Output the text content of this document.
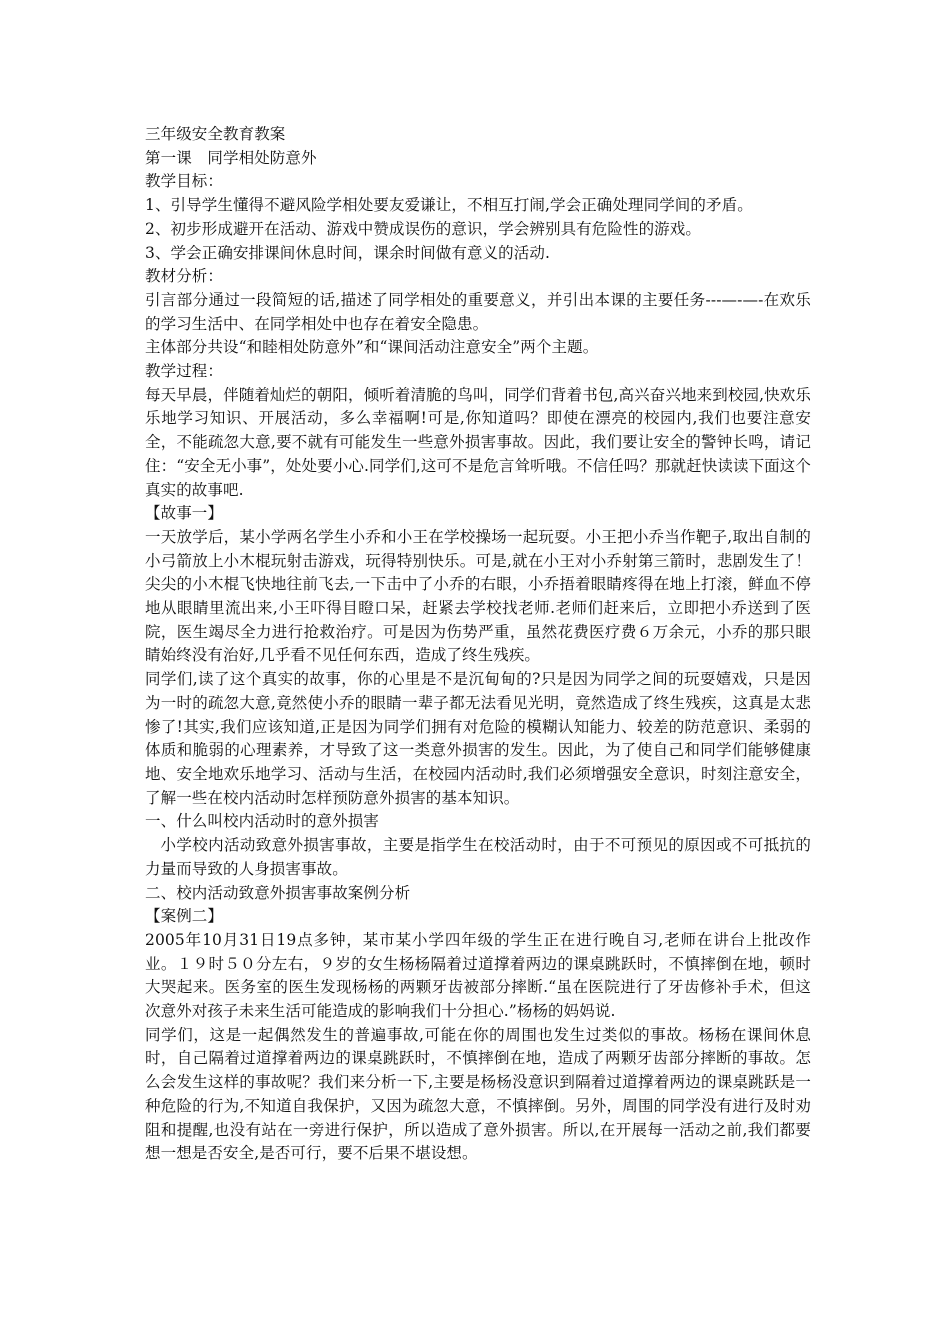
三年级安全教育教案

第一课　同学相处防意外

教学目标：

1、引导学生懂得不避风险学相处要友爱谦让，不相互打闹,学会正确处理同学间的矛盾。

2、初步形成避开在活动、游戏中赞成误伤的意识，学会辨别具有危险性的游戏。

3、学会正确安排课间休息时间，课余时间做有意义的活动.

教材分析：

引言部分通过一段简短的话,描述了同学相处的重要意义，并引出本课的主要任务---—-—-在欢乐的学习生活中、在同学相处中也存在着安全隐患。

主体部分共设“和睦相处防意外”和“课间活动注意安全”两个主题。

教学过程：

每天早晨，伴随着灿烂的朝阳，倾听着清脆的鸟叫，同学们背着书包,高兴奋兴地来到校园,快欢乐乐地学习知识、开展活动，多么幸福啊!可是,你知道吗？即使在漂亮的校园内,我们也要注意安全，不能疏忽大意,要不就有可能发生一些意外损害事故。因此，我们要让安全的警钟长鸣，请记住：“安全无小事”，处处要小心.同学们,这可不是危言耸听哦。不信任吗？那就赶快读读下面这个真实的故事吧.

【故事一】

一天放学后，某小学两名学生小乔和小王在学校操场一起玩耍。小王把小乔当作靶子,取出自制的小弓箭放上小木棍玩射击游戏，玩得特别快乐。可是,就在小王对小乔射第三箭时，悲剧发生了！尖尖的小木棍飞快地往前飞去,一下击中了小乔的右眼，小乔捂着眼睛疼得在地上打滚，鲜血不停地从眼睛里流出来,小王吓得目瞪口呆，赶紧去学校找老师.老师们赶来后，立即把小乔送到了医院，医生竭尽全力进行抢救治疗。可是因为伤势严重，虽然花费医疗费６万余元，小乔的那只眼睛始终没有治好,几乎看不见任何东西，造成了终生残疾。

同学们,读了这个真实的故事，你的心里是不是沉甸甸的?只是因为同学之间的玩耍嬉戏，只是因为一时的疏忽大意,竟然使小乔的眼睛一辈子都无法看见光明，竟然造成了终生残疾，这真是太悲惨了!其实,我们应该知道,正是因为同学们拥有对危险的模糊认知能力、较差的防范意识、柔弱的体质和脆弱的心理素养，才导致了这一类意外损害的发生。因此，为了使自己和同学们能够健康地、安全地欢乐地学习、活动与生活，在校园内活动时,我们必须增强安全意识，时刻注意安全，了解一些在校内活动时怎样预防意外损害的基本知识。

一、什么叫校内活动时的意外损害

小学校内活动致意外损害事故，主要是指学生在校活动时，由于不可预见的原因或不可抵抗的力量而导致的人身损害事故。

二、校内活动致意外损害事故案例分析

【案例二】

2005年10月31日19点多钟，某市某小学四年级的学生正在进行晚自习,老师在讲台上批改作业。１９时５０分左右，９岁的女生杨杨隔着过道撑着两边的课桌跳跃时，不慎摔倒在地，顿时大哭起来。医务室的医生发现杨杨的两颗牙齿被部分摔断.“虽在医院进行了牙齿修补手术，但这次意外对孩子未来生活可能造成的影响我们十分担心.”杨杨的妈妈说.

同学们，这是一起偶然发生的普遍事故,可能在你的周围也发生过类似的事故。杨杨在课间休息时，自己隔着过道撑着两边的课桌跳跃时，不慎摔倒在地，造成了两颗牙齿部分摔断的事故。怎么会发生这样的事故呢？我们来分析一下,主要是杨杨没意识到隔着过道撑着两边的课桌跳跃是一种危险的行为,不知道自我保护，又因为疏忽大意，不慎摔倒。另外，周围的同学没有进行及时劝阻和提醒,也没有站在一旁进行保护，所以造成了意外损害。所以,在开展每一活动之前,我们都要想一想是否安全,是否可行，要不后果不堪设想。
